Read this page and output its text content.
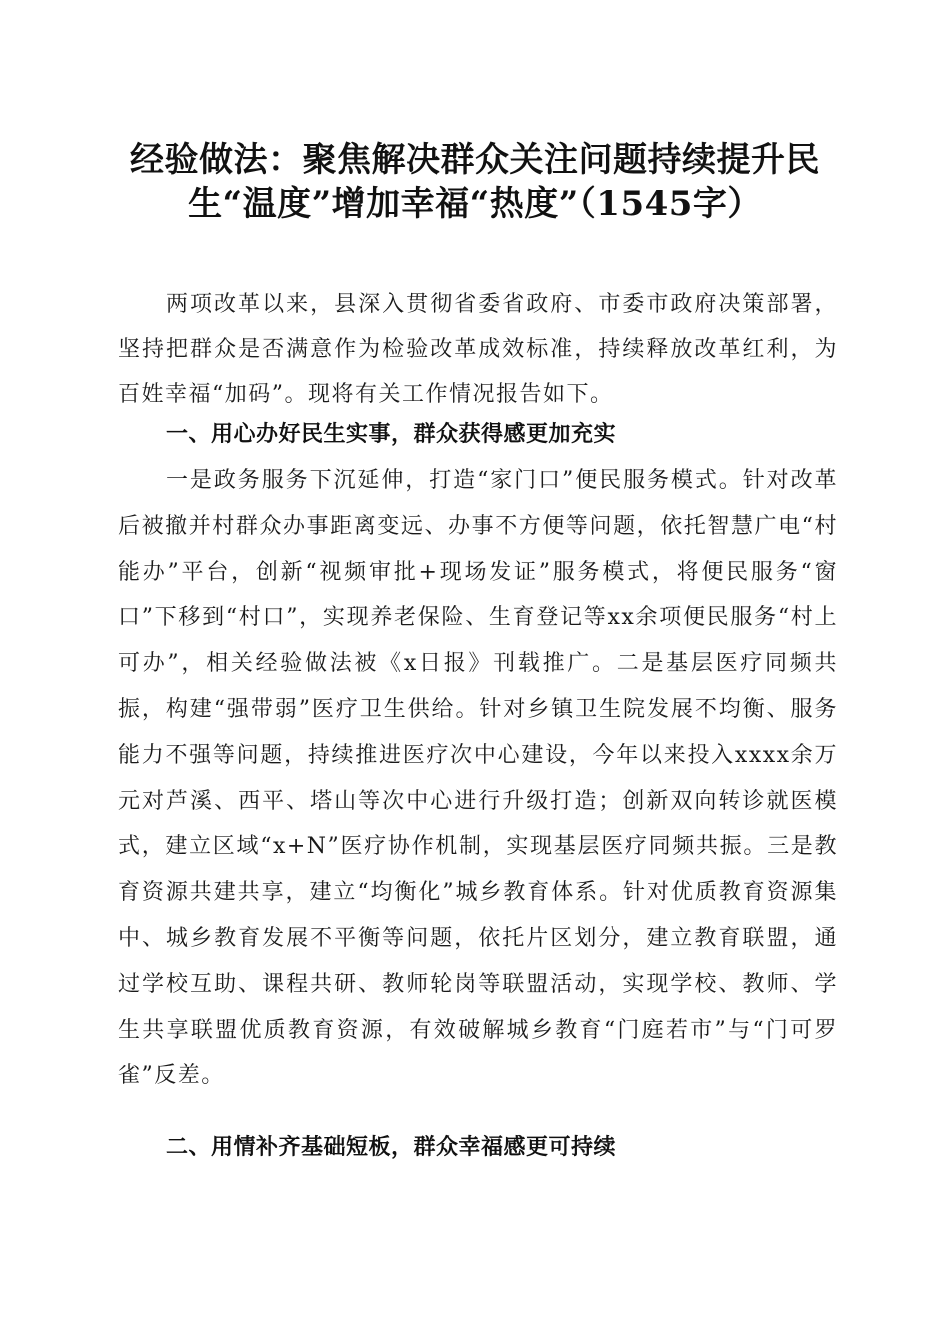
经验做法：聚焦解决群众关注问题持续提升民
生“温度”增加幸福“热度”（1545字）

两项改革以来，县深入贯彻省委省政府、市委市政府决策部署，坚持把群众是否满意作为检验改革成效标准，持续释放改革红利，为百姓幸福“加码”。现将有关工作情况报告如下。

一、用心办好民生实事，群众获得感更加充实

一是政务服务下沉延伸，打造“家门口”便民服务模式。针对改革后被撤并村群众办事距离变远、办事不方便等问题，依托智慧广电“村能办”平台，创新“视频审批+现场发证”服务模式，将便民服务“窗口”下移到“村口”，实现养老保险、生育登记等xx余项便民服务“村上可办”，相关经验做法被《x日报》刊载推广。二是基层医疗同频共振，构建“强带弱”医疗卫生供给。针对乡镇卫生院发展不均衡、服务能力不强等问题，持续推进医疗次中心建设，今年以来投入xxxx余万元对芦溪、西平、塔山等次中心进行升级打造；创新双向转诊就医模式，建立区域“x+N”医疗协作机制，实现基层医疗同频共振。三是教育资源共建共享，建立“均衡化”城乡教育体系。针对优质教育资源集中、城乡教育发展不平衡等问题，依托片区划分，建立教育联盟，通过学校互助、课程共研、教师轮岗等联盟活动，实现学校、教师、学生共享联盟优质教育资源，有效破解城乡教育“门庭若市”与“门可罗雀”反差。

二、用情补齐基础短板，群众幸福感更可持续
